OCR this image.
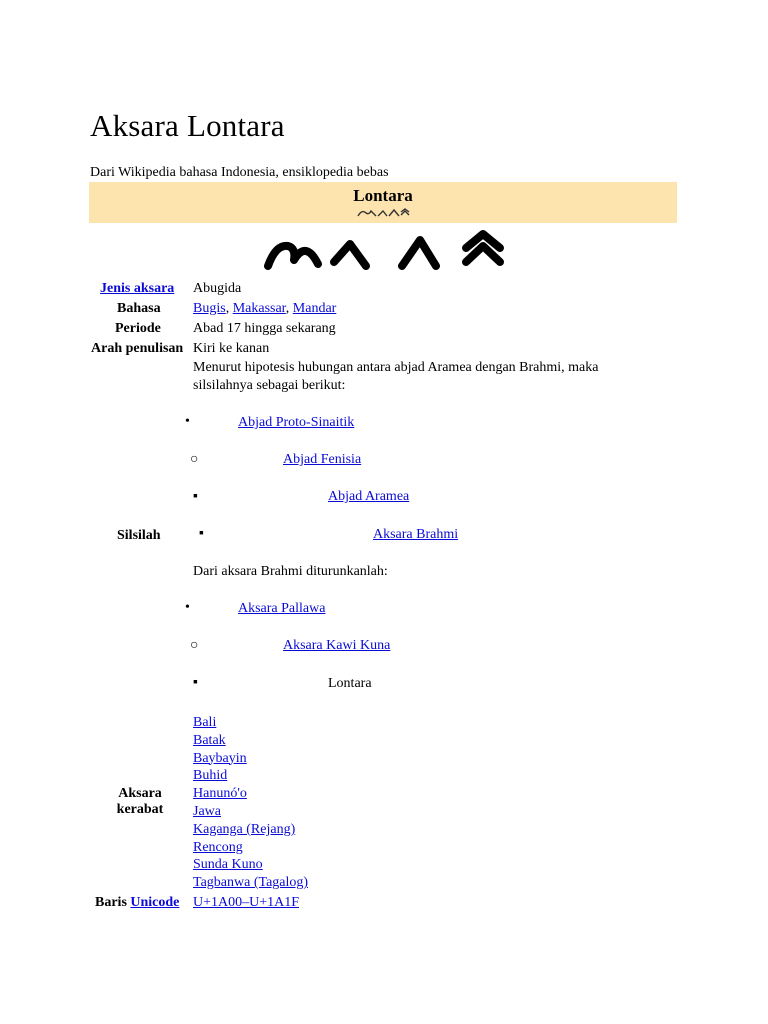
Aksara Lontara
Dari Wikipedia bahasa Indonesia, ensiklopedia bebas
Lontara
Jenis aksara Abugida
Bahasa Bugis, Makassar, Mandar
Periode Abad 17 hingga sekarang
Arah penulisan Kiri ke kanan
Menurut hipotesis hubungan antara abjad Aramea dengan Brahmi, maka
silsilahnya sebagai berikut:
•	Abjad Proto-Sinaitik
○	Abjad Fenisia
▪	Abjad Aramea
Silsilah	▪	Aksara Brahmi
Dari aksara Brahmi diturunkanlah:
•	Aksara Pallawa
○	Aksara Kawi Kuna
▪	Lontara
Aksara
kerabat
Bali
Batak
Baybayin
Buhid
Hanunó'o
Jawa
Kaganga (Rejang)
Rencong
Sunda Kuno
Tagbanwa (Tagalog)
Baris Unicode U+1A00–U+1A1F
